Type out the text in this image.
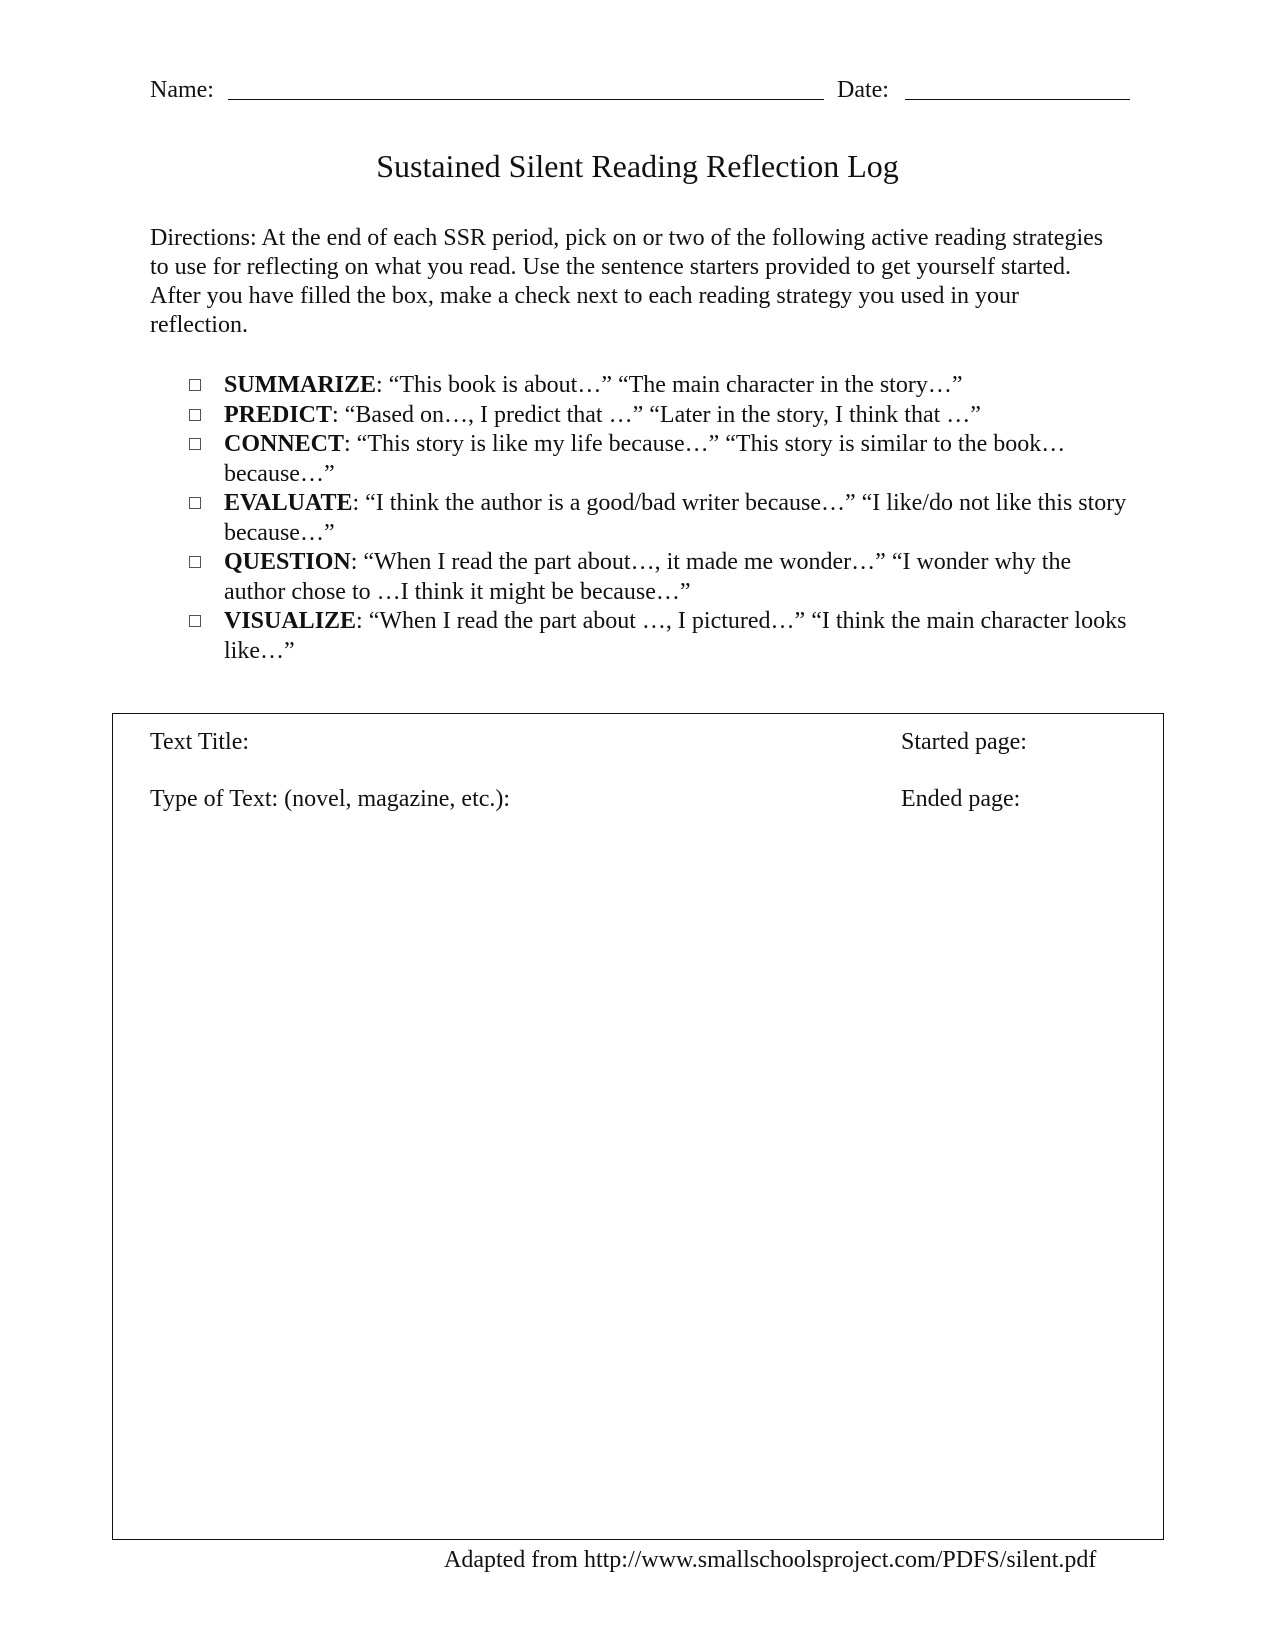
Name:	Date:
Sustained Silent Reading Reflection Log

Directions: At the end of each SSR period, pick on or two of the following active reading strategies to use for reflecting on what you read. Use the sentence starters provided to get yourself started. After you have filled the box, make a check next to each reading strategy you used in your reflection.

SUMMARIZE: “This book is about…” “The main character in the story…”
PREDICT: “Based on…, I predict that …” “Later in the story, I think that …”
CONNECT: “This story is like my life because…” “This story is similar to the book…because…”
EVALUATE: “I think the author is a good/bad writer because…” “I like/do not like this story because…”
QUESTION: “When I read the part about…, it made me wonder…” “I wonder why the author chose to …I think it might be because…”
VISUALIZE: “When I read the part about …, I pictured…” “I think the main character looks like…”
Text Title:
Type of Text: (novel, magazine, etc.):
Started page:
Ended page:
Adapted from http://www.smallschoolsproject.com/PDFS/silent.pdf
